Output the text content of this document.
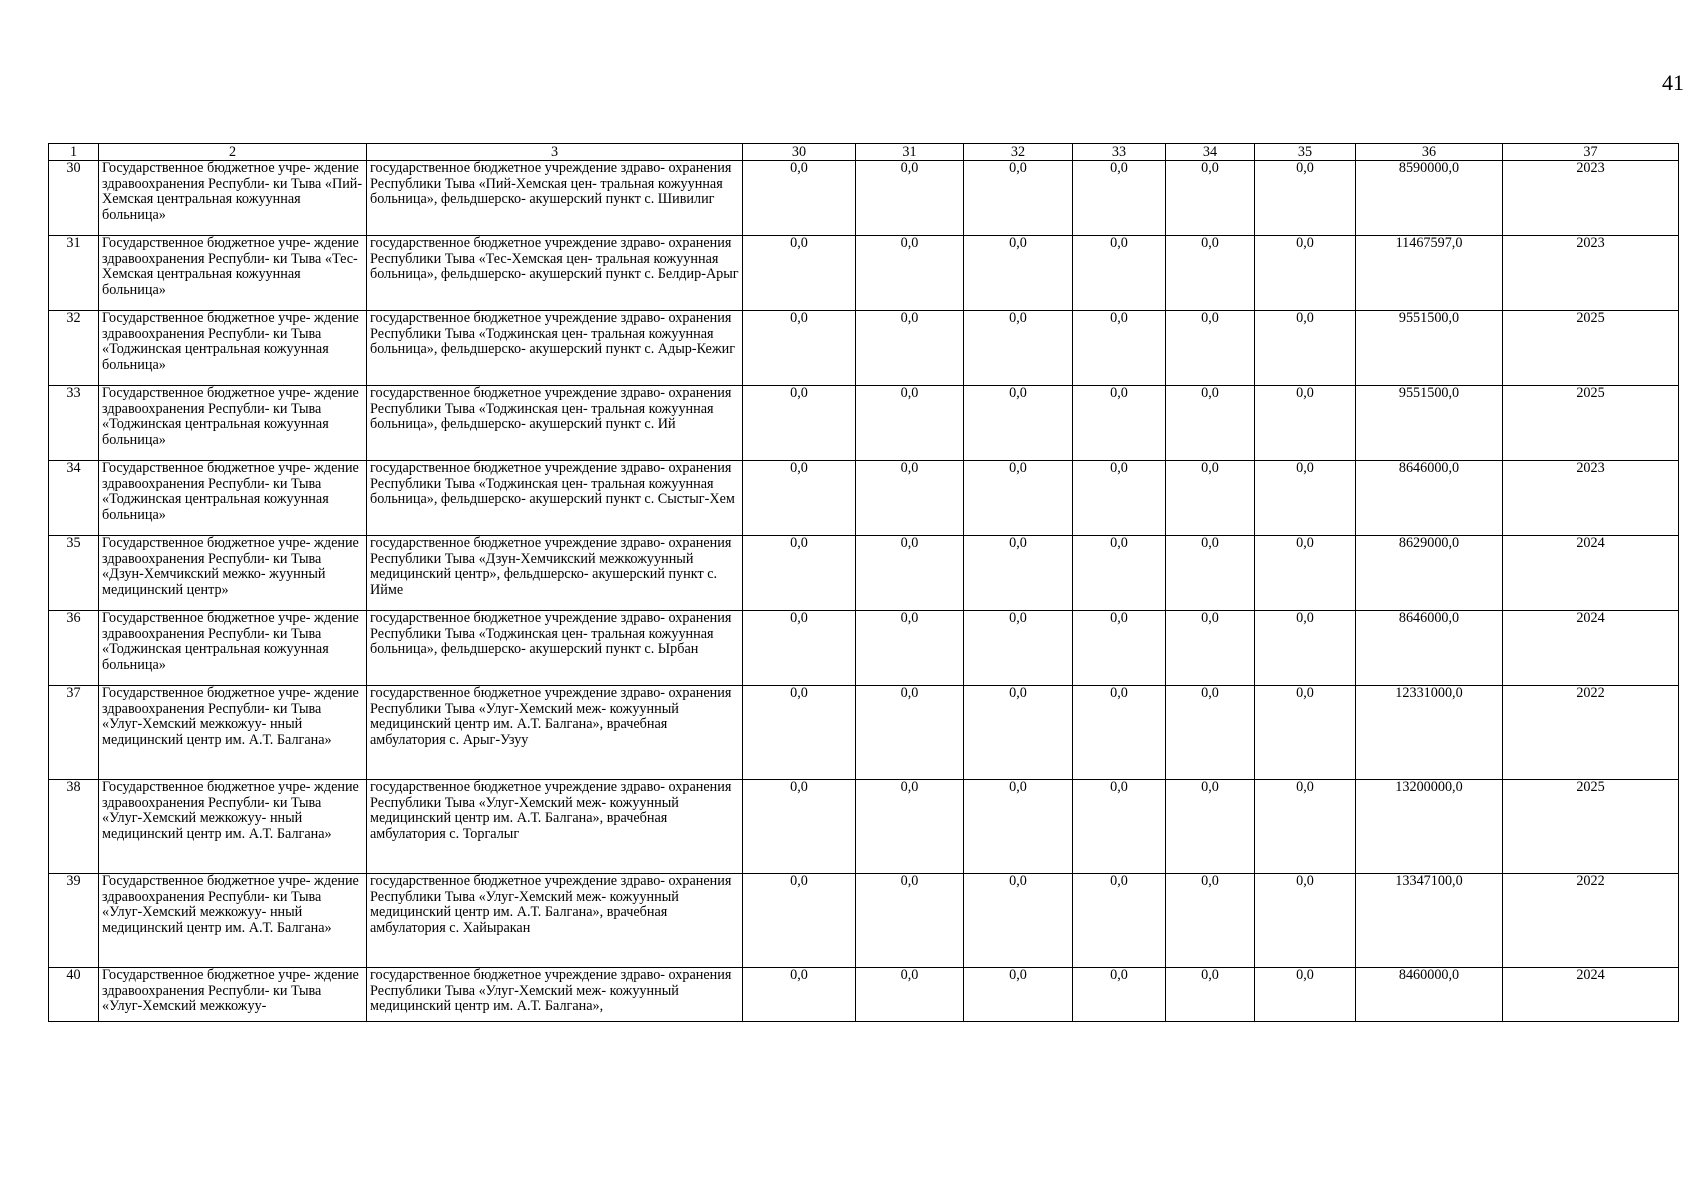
41
1	2	3	30	31	32	33	34	35	36	37
30	Государственное бюджетное учре- ждение здравоохранения Республи- ки Тыва «Пий-Хемская центральная кожуунная больница»	государственное бюджетное учреждение здраво- охранения Республики Тыва «Пий-Хемская цен- тральная кожуунная больница», фельдшерско- акушерский пункт с. Шивилиг	0,0	0,0	0,0	0,0	0,0	0,0	8590000,0	2023
31	Государственное бюджетное учре- ждение здравоохранения Республи- ки Тыва «Тес-Хемская центральная кожуунная больница»	государственное бюджетное учреждение здраво- охранения Республики Тыва «Тес-Хемская цен- тральная кожуунная больница», фельдшерско- акушерский пункт с. Белдир-Арыг	0,0	0,0	0,0	0,0	0,0	0,0	11467597,0	2023
32	Государственное бюджетное учре- ждение здравоохранения Республи- ки Тыва «Тоджинская центральная кожуунная больница»	государственное бюджетное учреждение здраво- охранения Республики Тыва «Тоджинская цен- тральная кожуунная больница», фельдшерско- акушерский пункт с. Адыр-Кежиг	0,0	0,0	0,0	0,0	0,0	0,0	9551500,0	2025
33	Государственное бюджетное учре- ждение здравоохранения Республи- ки Тыва «Тоджинская центральная кожуунная больница»	государственное бюджетное учреждение здраво- охранения Республики Тыва «Тоджинская цен- тральная кожуунная больница», фельдшерско- акушерский пункт с. Ий	0,0	0,0	0,0	0,0	0,0	0,0	9551500,0	2025
34	Государственное бюджетное учре- ждение здравоохранения Республи- ки Тыва «Тоджинская центральная кожуунная больница»	государственное бюджетное учреждение здраво- охранения Республики Тыва «Тоджинская цен- тральная кожуунная больница», фельдшерско- акушерский пункт с. Сыстыг-Хем	0,0	0,0	0,0	0,0	0,0	0,0	8646000,0	2023
35	Государственное бюджетное учре- ждение здравоохранения Республи- ки Тыва «Дзун-Хемчикский межко- жуунный медицинский центр»	государственное бюджетное учреждение здраво- охранения Республики Тыва «Дзун-Хемчикский межкожуунный медицинский центр», фельдшерско- акушерский пункт с. Ийме	0,0	0,0	0,0	0,0	0,0	0,0	8629000,0	2024
36	Государственное бюджетное учре- ждение здравоохранения Республи- ки Тыва «Тоджинская центральная кожуунная больница»	государственное бюджетное учреждение здраво- охранения Республики Тыва «Тоджинская цен- тральная кожуунная больница», фельдшерско- акушерский пункт с. Ырбан	0,0	0,0	0,0	0,0	0,0	0,0	8646000,0	2024
37	Государственное бюджетное учре- ждение здравоохранения Республи- ки Тыва «Улуг-Хемский межкожуу- нный медицинский центр им. А.Т. Балгана»	государственное бюджетное учреждение здраво- охранения Республики Тыва «Улуг-Хемский меж- кожуунный медицинский центр им. А.Т. Балгана», врачебная амбулатория с. Арыг-Узуу	0,0	0,0	0,0	0,0	0,0	0,0	12331000,0	2022
38	Государственное бюджетное учре- ждение здравоохранения Республи- ки Тыва «Улуг-Хемский межкожуу- нный медицинский центр им. А.Т. Балгана»	государственное бюджетное учреждение здраво- охранения Республики Тыва «Улуг-Хемский меж- кожуунный медицинский центр им. А.Т. Балгана», врачебная амбулатория с. Торгалыг	0,0	0,0	0,0	0,0	0,0	0,0	13200000,0	2025
39	Государственное бюджетное учре- ждение здравоохранения Республи- ки Тыва «Улуг-Хемский межкожуу- нный медицинский центр им. А.Т. Балгана»	государственное бюджетное учреждение здраво- охранения Республики Тыва «Улуг-Хемский меж- кожуунный медицинский центр им. А.Т. Балгана», врачебная амбулатория с. Хайыракан	0,0	0,0	0,0	0,0	0,0	0,0	13347100,0	2022
40	Государственное бюджетное учре- ждение здравоохранения Республи- ки Тыва «Улуг-Хемский межкожуу-	государственное бюджетное учреждение здраво- охранения Республики Тыва «Улуг-Хемский меж- кожуунный медицинский центр им. А.Т. Балгана»,	0,0	0,0	0,0	0,0	0,0	0,0	8460000,0	2024
